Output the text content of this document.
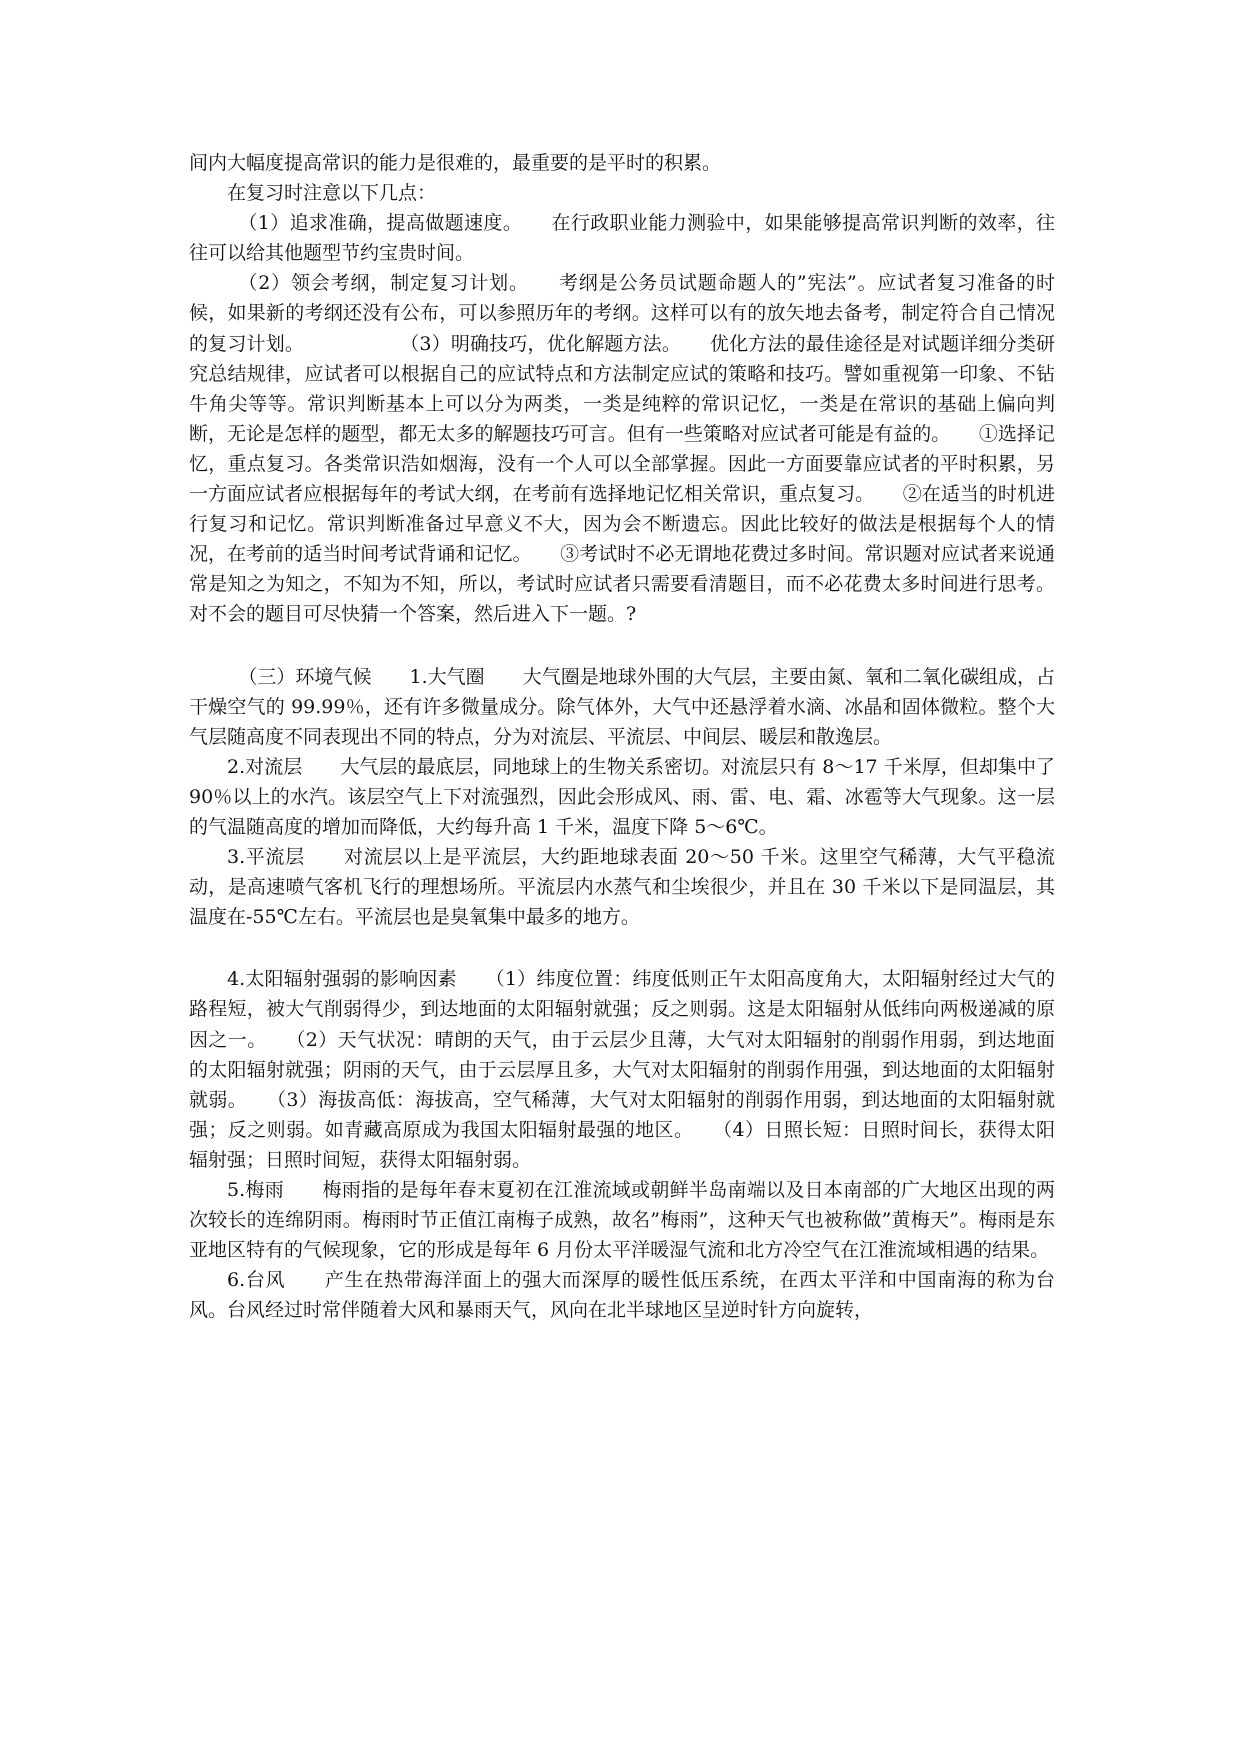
间内大幅度提高常识的能力是很难的，最重要的是平时的积累。

在复习时注意以下几点：

（1）追求准确，提高做题速度。　　在行政职业能力测验中，如果能够提高常识判断的效率，往往可以给其他题型节约宝贵时间。

（2）领会考纲，制定复习计划。　　考纲是公务员试题命题人的”宪法”。应试者复习准备的时候，如果新的考纲还没有公布，可以参照历年的考纲。这样可以有的放矢地去备考，制定符合自己情况的复习计划。　　　　　　（3）明确技巧，优化解题方法。　　优化方法的最佳途径是对试题详细分类研究总结规律，应试者可以根据自己的应试特点和方法制定应试的策略和技巧。譬如重视第一印象、不钻牛角尖等等。常识判断基本上可以分为两类，一类是纯粹的常识记忆，一类是在常识的基础上偏向判断，无论是怎样的题型，都无太多的解题技巧可言。但有一些策略对应试者可能是有益的。　　①选择记忆，重点复习。各类常识浩如烟海，没有一个人可以全部掌握。因此一方面要靠应试者的平时积累，另一方面应试者应根据每年的考试大纲，在考前有选择地记忆相关常识，重点复习。　　②在适当的时机进行复习和记忆。常识判断准备过早意义不大，因为会不断遗忘。因此比较好的做法是根据每个人的情况，在考前的适当时间考试背诵和记忆。　　③考试时不必无谓地花费过多时间。常识题对应试者来说通常是知之为知之，不知为不知，所以，考试时应试者只需要看清题目，而不必花费太多时间进行思考。对不会的题目可尽快猜一个答案，然后进入下一题。?

（三）环境气候　　1.大气圈　　大气圈是地球外围的大气层，主要由氮、氧和二氧化碳组成，占干燥空气的 99.99％，还有许多微量成分。除气体外，大气中还悬浮着水滴、冰晶和固体微粒。整个大气层随高度不同表现出不同的特点，分为对流层、平流层、中间层、暖层和散逸层。

2.对流层　　大气层的最底层，同地球上的生物关系密切。对流层只有 8～17 千米厚，但却集中了 90％以上的水汽。该层空气上下对流强烈，因此会形成风、雨、雷、电、霜、冰雹等大气现象。这一层的气温随高度的增加而降低，大约每升高 1 千米，温度下降 5～6℃。

3.平流层　　对流层以上是平流层，大约距地球表面 20～50 千米。这里空气稀薄，大气平稳流动，是高速喷气客机飞行的理想场所。平流层内水蒸气和尘埃很少，并且在 30 千米以下是同温层，其温度在-55℃左右。平流层也是臭氧集中最多的地方。

4.太阳辐射强弱的影响因素　　（1）纬度位置：纬度低则正午太阳高度角大，太阳辐射经过大气的路程短，被大气削弱得少，到达地面的太阳辐射就强；反之则弱。这是太阳辐射从低纬向两极递减的原因之一。　　（2）天气状况：晴朗的天气，由于云层少且薄，大气对太阳辐射的削弱作用弱，到达地面的太阳辐射就强；阴雨的天气，由于云层厚且多，大气对太阳辐射的削弱作用强，到达地面的太阳辐射就弱。　　（3）海拔高低：海拔高，空气稀薄，大气对太阳辐射的削弱作用弱，到达地面的太阳辐射就强；反之则弱。如青藏高原成为我国太阳辐射最强的地区。　　（4）日照长短：日照时间长，获得太阳辐射强；日照时间短，获得太阳辐射弱。

5.梅雨　　梅雨指的是每年春末夏初在江淮流域或朝鲜半岛南端以及日本南部的广大地区出现的两次较长的连绵阴雨。梅雨时节正值江南梅子成熟，故名”梅雨”，这种天气也被称做”黄梅天”。梅雨是东亚地区特有的气候现象，它的形成是每年 6 月份太平洋暖湿气流和北方冷空气在江淮流域相遇的结果。

6.台风　　产生在热带海洋面上的强大而深厚的暖性低压系统，在西太平洋和中国南海的称为台风。台风经过时常伴随着大风和暴雨天气，风向在北半球地区呈逆时针方向旋转，
